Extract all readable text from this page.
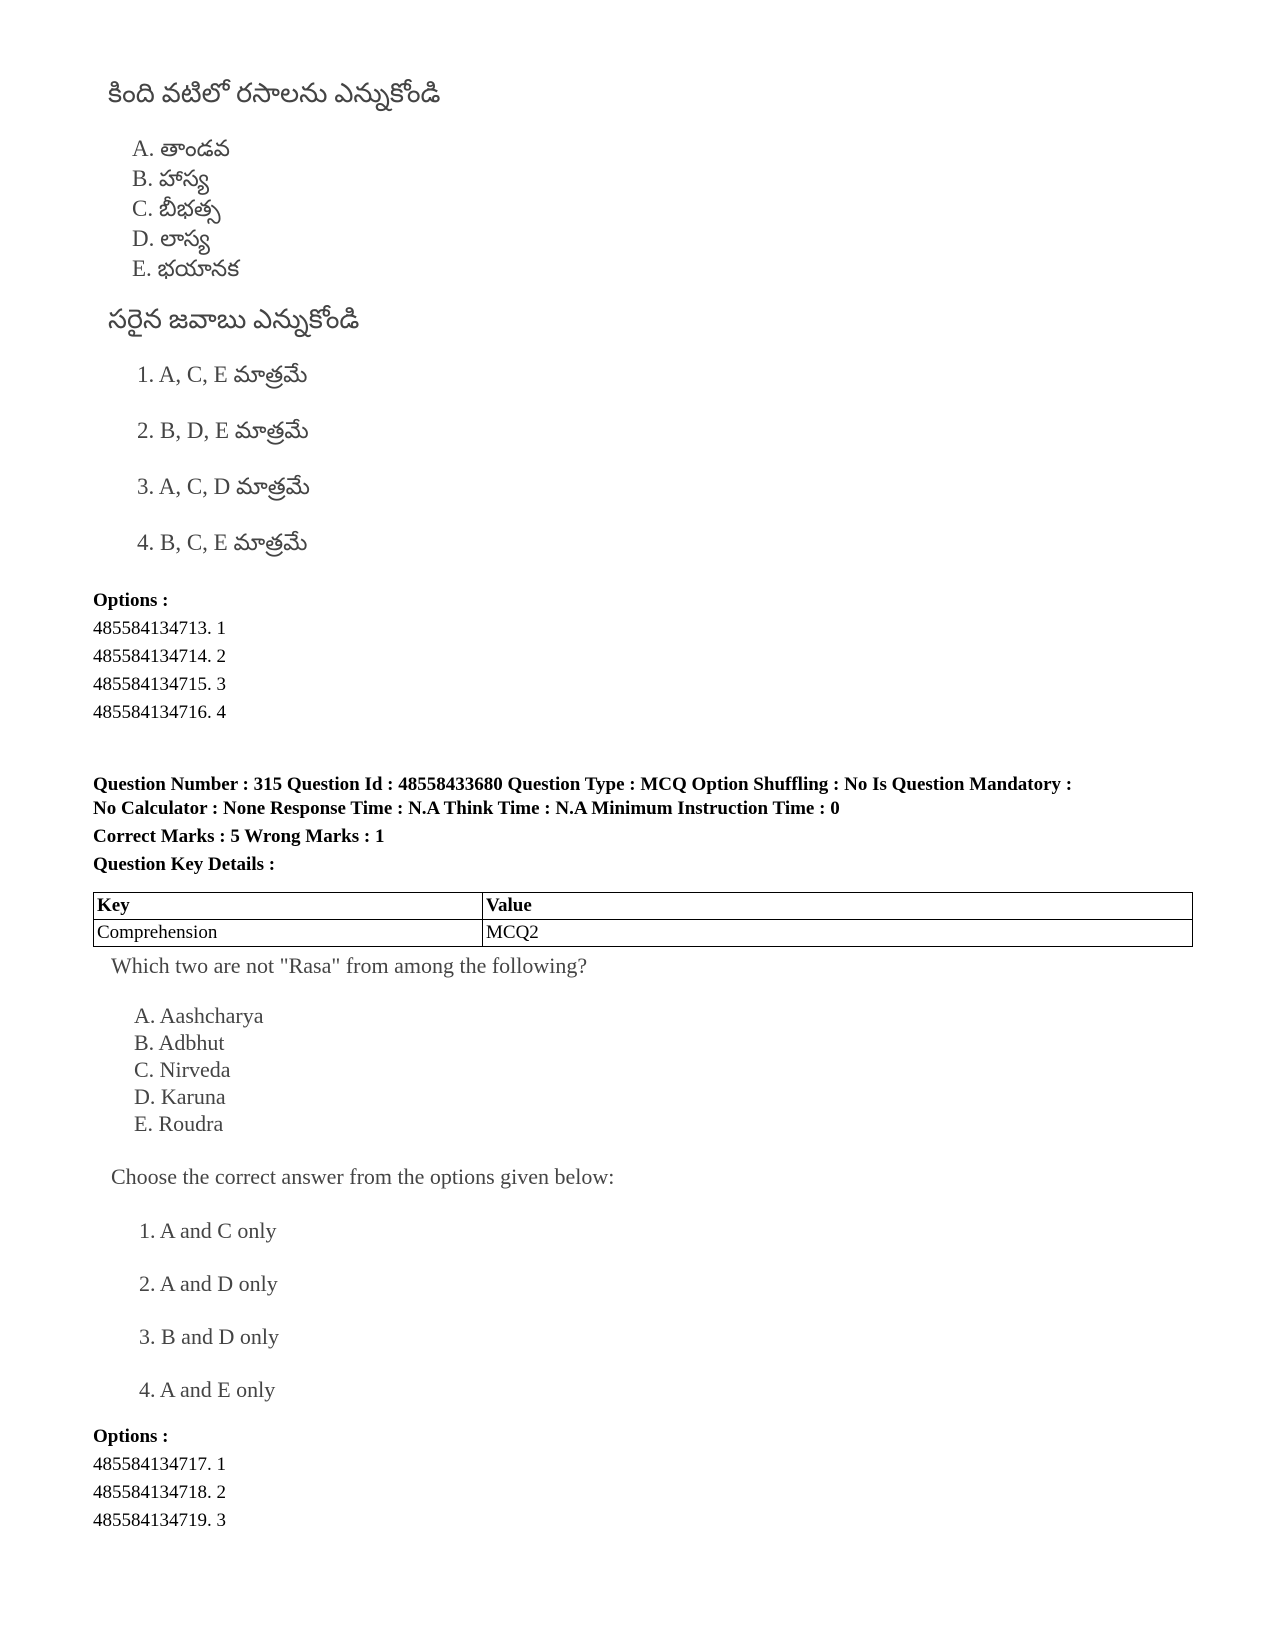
కింది వటిలో రసాలను ఎన్నుకోండి
A. తాండవ
B. హాస్య
C. బీభత్స
D. లాస్య
E. భయానక
సరైన జవాబు ఎన్నుకోండి
1. A, C, E మాత్రమే
2. B, D, E మాత్రమే
3. A, C, D మాత్రమే
4. B, C, E మాత్రమే
Options :
485584134713. 1
485584134714. 2
485584134715. 3
485584134716. 4
Question Number : 315 Question Id : 48558433680 Question Type : MCQ Option Shuffling : No Is Question Mandatory :
No Calculator : None Response Time : N.A Think Time : N.A Minimum Instruction Time : 0
Correct Marks : 5 Wrong Marks : 1
Question Key Details :
Key	Value
Comprehension	MCQ2
Which two are not "Rasa" from among the following?
A. Aashcharya
B. Adbhut
C. Nirveda
D. Karuna
E. Roudra
Choose the correct answer from the options given below:
1. A and C only
2. A and D only
3. B and D only
4. A and E only
Options :
485584134717. 1
485584134718. 2
485584134719. 3
